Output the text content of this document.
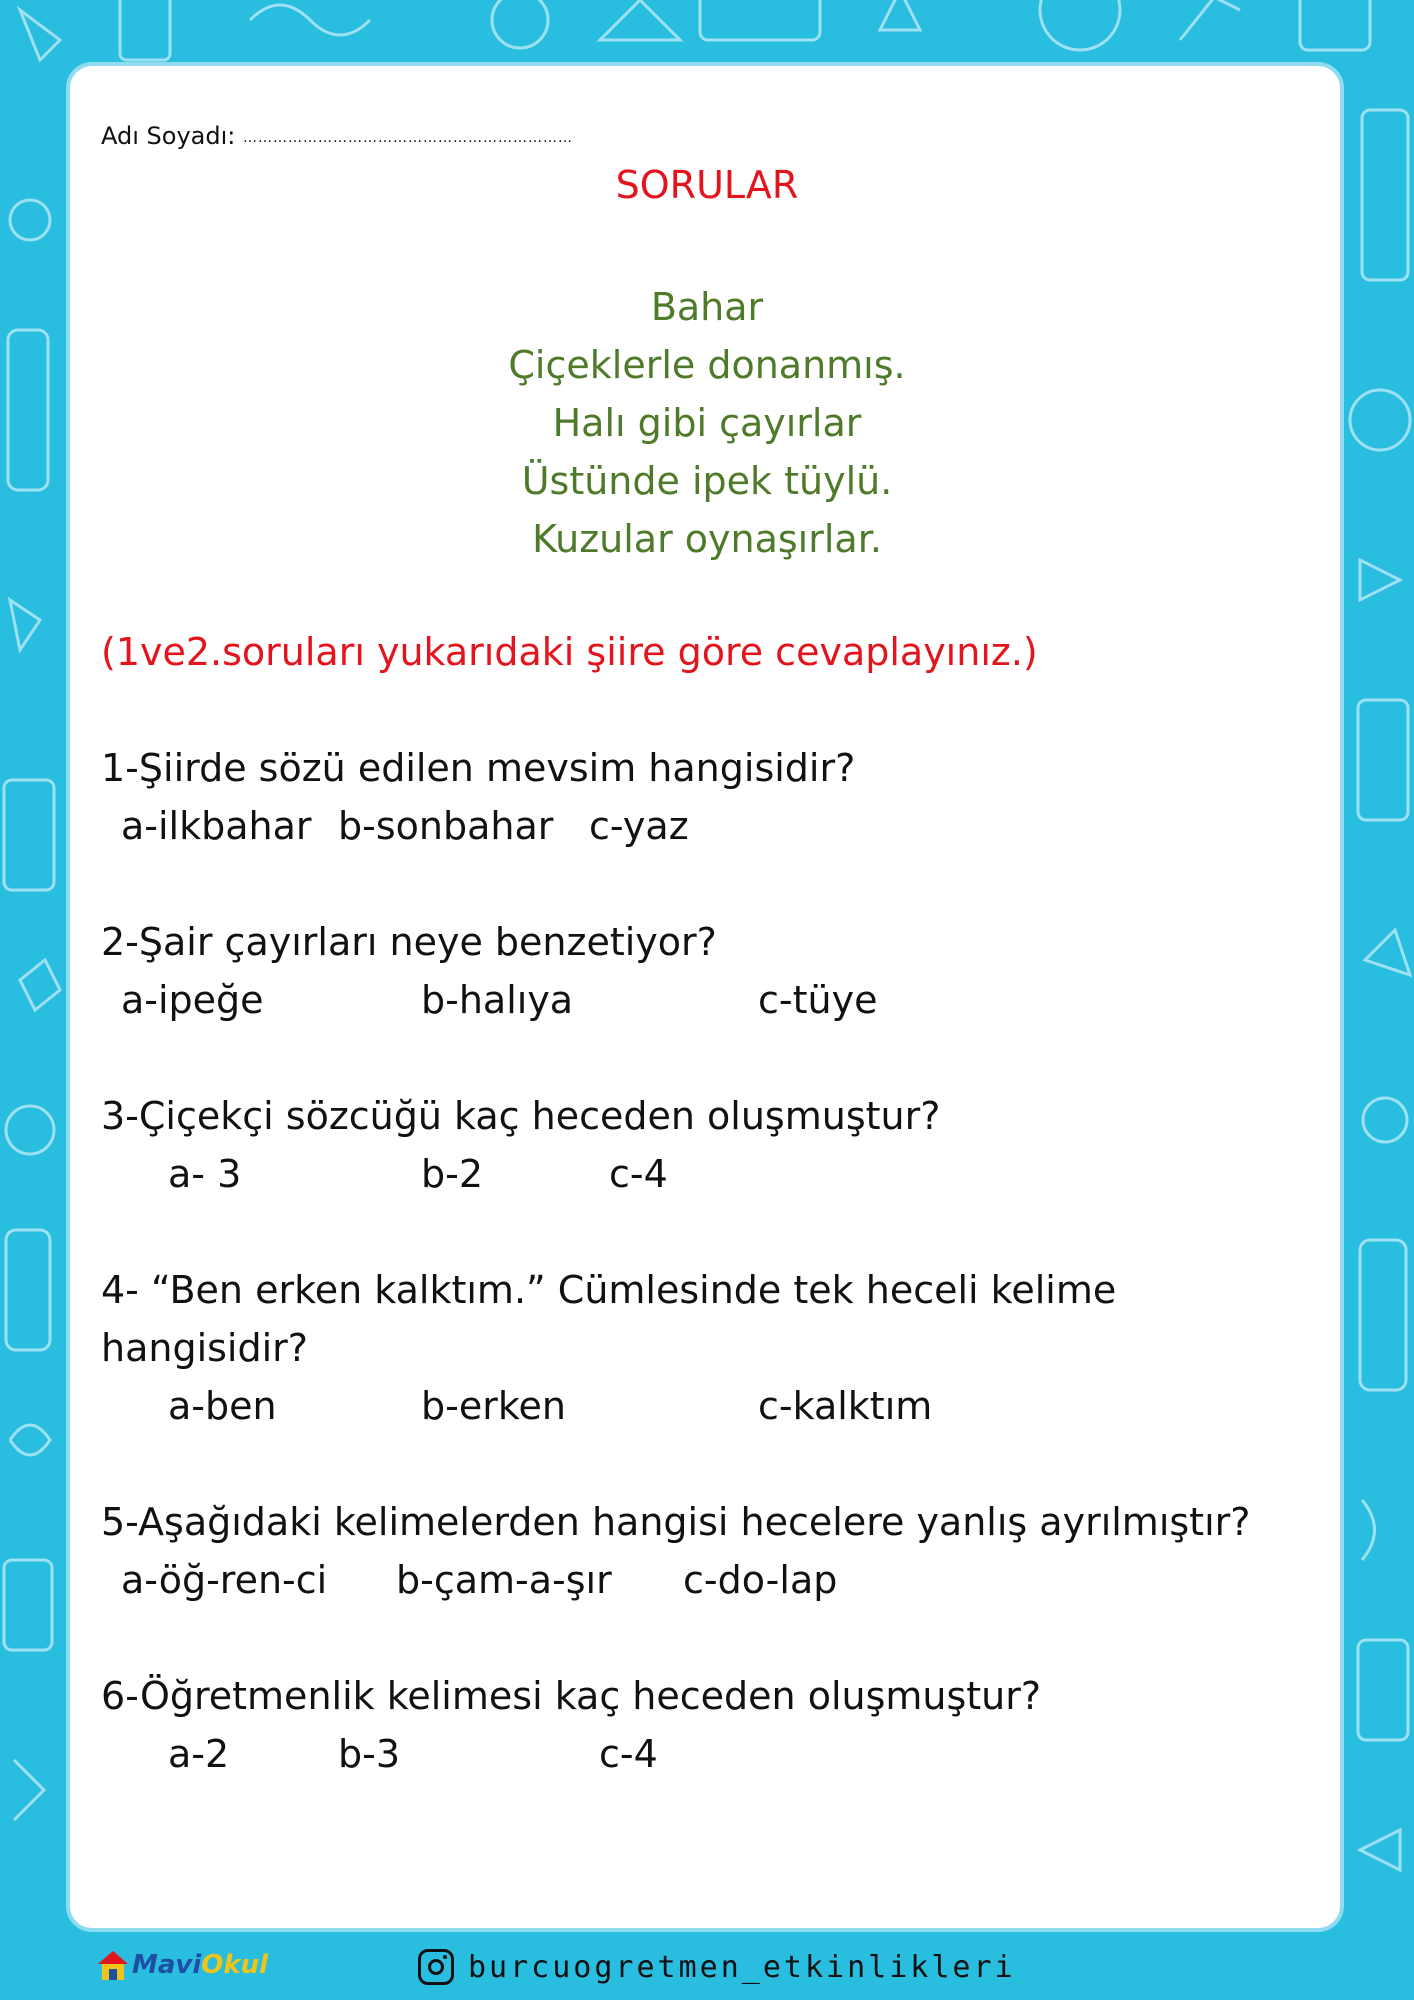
Adı Soyadı: …………………………………………………………
SORULAR
Bahar
Çiçeklerle donanmış.
Halı gibi çayırlar
Üstünde ipek tüylü.
Kuzular oynaşırlar.
(1ve2.soruları yukarıdaki şiire göre cevaplayınız.)
1-Şiirde sözü edilen mevsim hangisidir?
a-ilkbahar b-sonbahar c-yaz
2-Şair çayırları neye benzetiyor?
a-ipeğe	b-halıya	c-tüye
3-Çiçekçi sözcüğü kaç heceden oluşmuştur?
a- 3	b-2	c-4
4- “Ben erken kalktım.” Cümlesinde tek heceli kelime
hangisidir?
a-ben	b-erken	c-kalktım
5-Aşağıdaki kelimelerden hangisi hecelere yanlış ayrılmıştır?
a-öğ-ren-ci b-çam-a-şır c-do-lap
6-Öğretmenlik kelimesi kaç heceden oluşmuştur?
a-2	b-3	c-4
MaviOkul	burcuogretmen_etkinlikleri
